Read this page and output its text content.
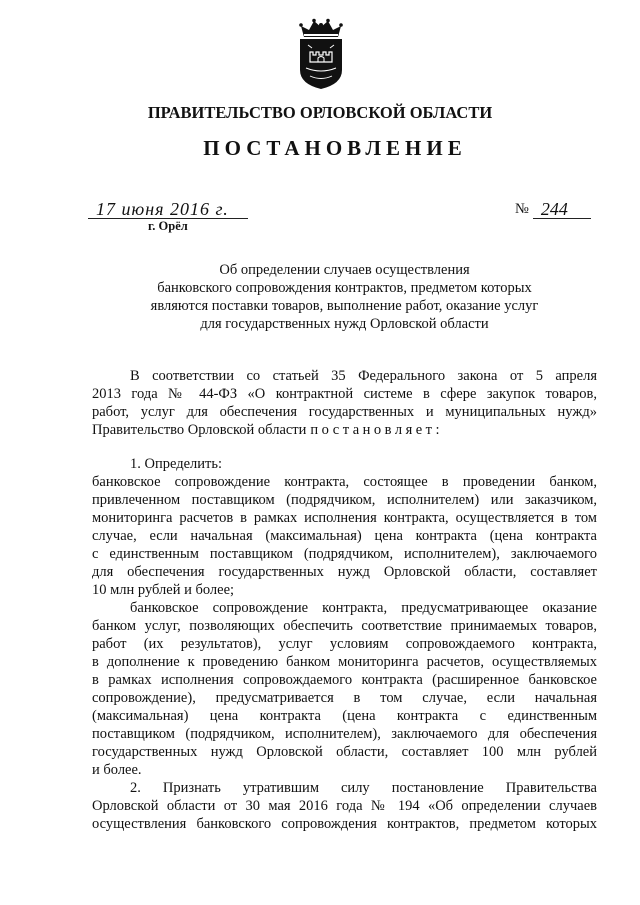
ПРАВИТЕЛЬСТВО ОРЛОВСКОЙ ОБЛАСТИ
ПОСТАНОВЛЕНИЕ
17 июня 2016 г.
г. Орёл
№ 244
Об определении случаев осуществления
банковского сопровождения контрактов, предметом которых
являются поставки товаров, выполнение работ, оказание услуг
для государственных нужд Орловской области
В соответствии со статьей 35 Федерального закона от 5 апреля
2013 года № 44-ФЗ «О контрактной системе в сфере закупок товаров,
работ, услуг для обеспечения государственных и муниципальных нужд»
Правительство Орловской области постановляет:
1. Определить:
банковское сопровождение контракта, состоящее в проведении банком,
привлеченном поставщиком (подрядчиком, исполнителем) или заказчиком,
мониторинга расчетов в рамках исполнения контракта, осуществляется в том
случае, если начальная (максимальная) цена контракта (цена контракта
с единственным поставщиком (подрядчиком, исполнителем), заключаемого
для обеспечения государственных нужд Орловской области, составляет
10 млн рублей и более;
банковское сопровождение контракта, предусматривающее оказание
банком услуг, позволяющих обеспечить соответствие принимаемых товаров,
работ (их результатов), услуг условиям сопровождаемого контракта,
в дополнение к проведению банком мониторинга расчетов, осуществляемых
в рамках исполнения сопровождаемого контракта (расширенное банковское
сопровождение), предусматривается в том случае, если начальная
(максимальная) цена контракта (цена контракта с единственным
поставщиком (подрядчиком, исполнителем), заключаемого для обеспечения
государственных нужд Орловской области, составляет 100 млн рублей
и более.
2. Признать утратившим силу постановление Правительства
Орловской области от 30 мая 2016 года № 194 «Об определении случаев
осуществления банковского сопровождения контрактов, предметом которых
